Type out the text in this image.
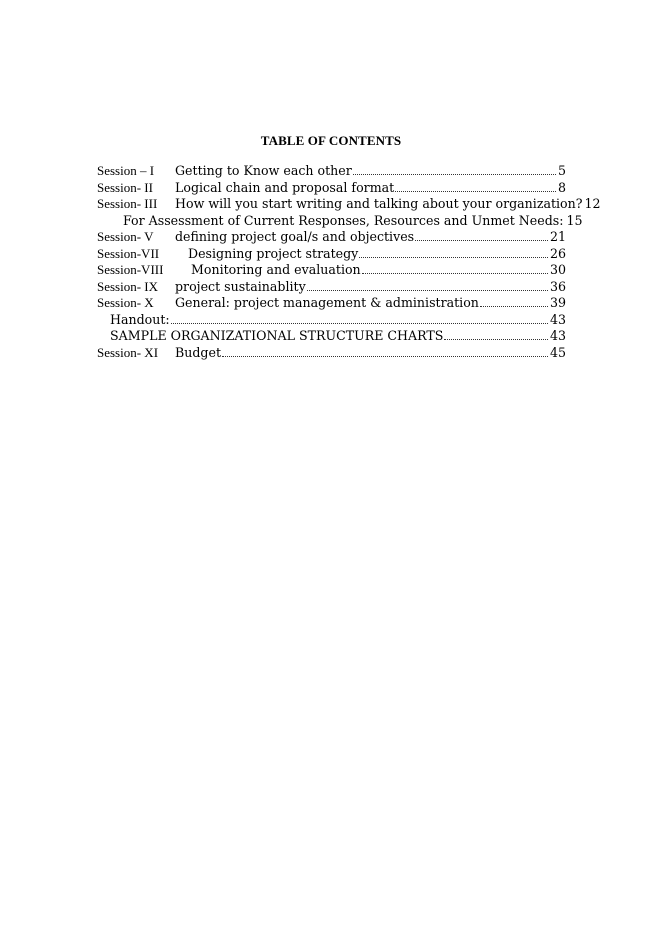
TABLE OF CONTENTS
Session – I	Getting to Know each other	5
Session- II	Logical chain and proposal format	8
Session- III	How will you start writing and talking about your organization? 12
For Assessment of Current Responses, Resources and Unmet Needs: 15
Session- V	defining project goal/s and objectives	21
Session-VII	Designing project strategy	26
Session-VIII	Monitoring and evaluation	30
Session- IX	project sustainablity	36
Session- X	General: project management & administration	39
Handout:	43
SAMPLE ORGANIZATIONAL STRUCTURE CHARTS	43
Session- XI	Budget	45
